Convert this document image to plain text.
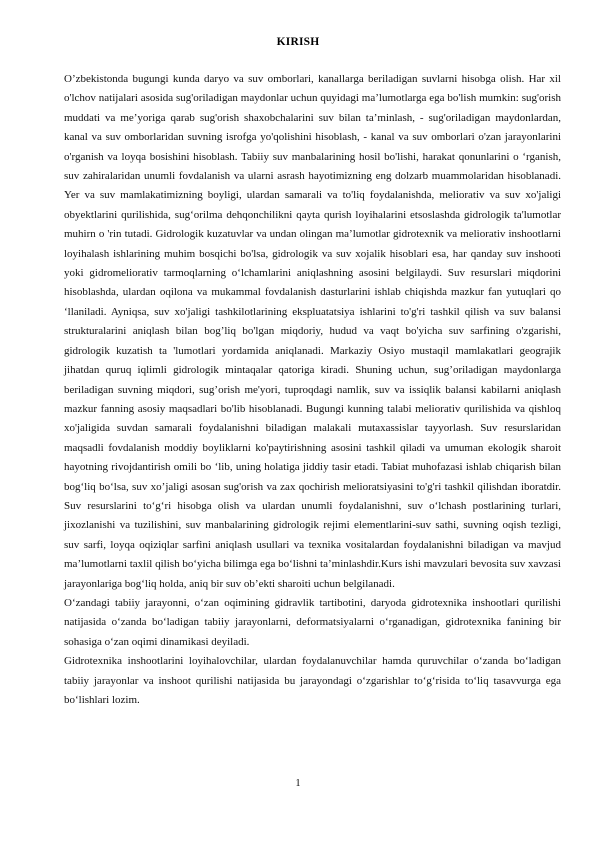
KIRISH

O’zbekistonda bugungi kunda daryo va suv omborlari, kanallarga beriladigan suvlarni hisobga olish. Har xil o'lchov natijalari asosida sug'oriladigan maydonlar uchun quyidagi ma’lumotlarga ega bo'lish mumkin: sug'orish muddati va me’yoriga qarab sug'orish shaxobchalarini suv bilan ta’minlash, - sug'oriladigan maydonlardan, kanal va suv omborlaridan suvning isrofga yo'qolishini hisoblash, - kanal va suv omborlari o'zan jarayonlarini o'rganish va loyqa bosishini hisoblash. Tabiiy suv manbalarining hosil bo'lishi, harakat qonunlarini o ‘rganish, suv zahiralaridan unumli fovdalanish va ularni asrash hayotimizning eng dolzarb muammolaridan hisoblanadi. Yer va suv mamlakatimizning boyligi, ulardan samarali va to'liq foydalanishda, meliorativ va suv xo'jaligi obyektlarini qurilishida, sug‘orilma dehqonchilikni qayta qurish loyihalarini etsoslashda gidrologik ta'lumotlar muhirn o 'rin tutadi. Gidrologik kuzatuvlar va undan olingan ma’lumotlar gidrotexnik va meliorativ inshootlarni loyihalash ishlarining muhim bosqichi bo'lsa, gidrologik va suv xojalik hisoblari esa, har qanday suv inshooti yoki gidromeliorativ tarmoqlarning o‘lchamlarini aniqlashning asosini belgilaydi. Suv resurslari miqdorini hisoblashda, ulardan oqilona va mukammal fovdalanish dasturlarini ishlab chiqishda mazkur fan yutuqlari qo ‘llaniladi. Ayniqsa, suv xo'jaligi tashkilotlarining ekspluatatsiya ishlarini to'g'ri tashkil qilish va suv balansi strukturalarini aniqlash bilan bog’liq bo'lgan miqdoriy, hudud va vaqt bo'yicha suv sarfining o'zgarishi, gidrologik kuzatish ta 'lumotlari yordamida aniqlanadi. Markaziy Osiyo mustaqil mamlakatlari geograjik jihatdan quruq iqlimli gidrologik mintaqalar qatoriga kiradi. Shuning uchun, sug’oriladigan maydonlarga beriladigan suvning miqdori, sug’orish me'yori, tuproqdagi namlik, suv va issiqlik balansi kabilarni aniqlash mazkur fanning asosiy maqsadlari bo'lib hisoblanadi. Bugungi kunning talabi meliorativ qurilishida va qishloq xo'jaligida suvdan samarali foydalanishni biladigan malakali mutaxassislar tayyorlash. Suv resurslaridan maqsadli fovdalanish moddiy boyliklarni ko'paytirishning asosini tashkil qiladi va umuman ekologik sharoit hayotning rivojdantirish omili bo ‘lib, uning holatiga jiddiy tasir etadi. Tabiat muhofazasi ishlab chiqarish bilan bog‘liq bo‘lsa, suv xo’jaligi asosan sug'orish va zax qochirish melioratsiyasini to'g'ri tashkil qilishdan iboratdir. Suv resurslarini to‘g‘ri hisobga olish va ulardan unumli foydalanishni, suv o‘lchash postlarining turlari, jixozlanishi va tuzilishini, suv manbalarining gidrologik rejimi elementlarini-suv sathi, suvning oqish tezligi, suv sarfi, loyqa oqiziqlar sarfini aniqlash usullari va texnika vositalardan foydalanishni biladigan va mavjud ma’lumotlarni taxlil qilish bo‘yicha bilimga ega bo‘lishni ta’minlashdir.Kurs ishi mavzulari bevosita suv xavzasi jarayonlariga bog‘liq holda, aniq bir suv ob’ekti sharoiti uchun belgilanadi.

O‘zandagi tabiiy jarayonni, o‘zan oqimining gidravlik tartibotini, daryoda gidrotexnika inshootlari qurilishi natijasida o‘zanda bo‘ladigan tabiiy jarayonlarni, deformatsiyalarni o‘rganadigan, gidrotexnika fanining bir sohasiga o‘zan oqimi dinamikasi deyiladi.

Gidrotexnika inshootlarini loyihalovchilar, ulardan foydalanuvchilar hamda quruvchilar o‘zanda bo‘ladigan tabiiy jarayonlar va inshoot qurilishi natijasida bu jarayondagi o‘zgarishlar to‘g‘risida to‘liq tasavvurga ega bo‘lishlari lozim.

1
